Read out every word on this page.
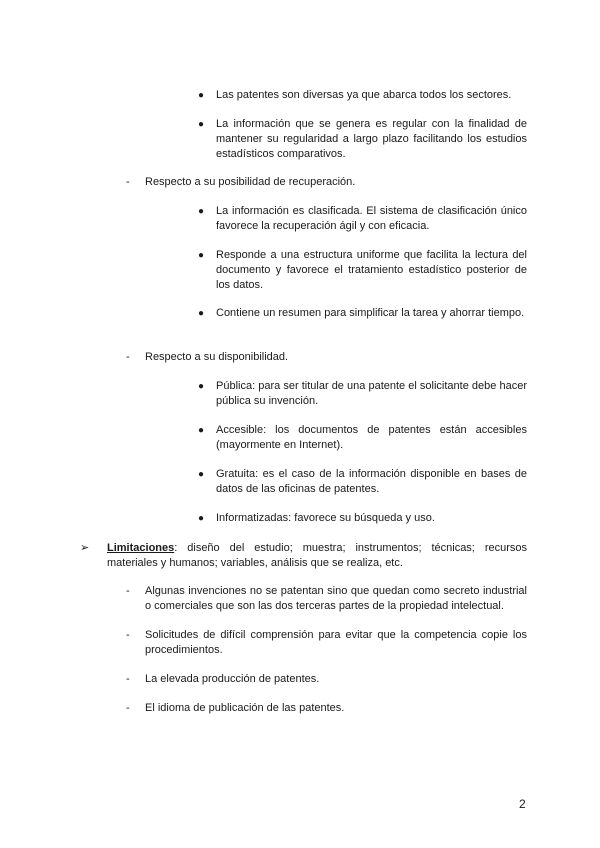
● Las patentes son diversas ya que abarca todos los sectores.
● La información que se genera es regular con la finalidad de mantener su regularidad a largo plazo facilitando los estudios estadísticos comparativos.
- Respecto a su posibilidad de recuperación.
● La información es clasificada. El sistema de clasificación único favorece la recuperación ágil y con eficacia.
● Responde a una estructura uniforme que facilita la lectura del documento y favorece el tratamiento estadístico posterior de los datos.
● Contiene un resumen para simplificar la tarea y ahorrar tiempo.
- Respecto a su disponibilidad.
● Pública: para ser titular de una patente el solicitante debe hacer pública su invención.
● Accesible: los documentos de patentes están accesibles (mayormente en Internet).
● Gratuita: es el caso de la información disponible en bases de datos de las oficinas de patentes.
● Informatizadas: favorece su búsqueda y uso.
➢	Limitaciones: diseño del estudio; muestra; instrumentos; técnicas; recursos materiales y humanos; variables, análisis que se realiza, etc.
- Algunas invenciones no se patentan sino que quedan como secreto industrial o comerciales que son las dos terceras partes de la propiedad intelectual.
- Solicitudes de difícil comprensión para evitar que la competencia copie los procedimientos.
- La elevada producción de patentes.
- El idioma de publicación de las patentes.
2
